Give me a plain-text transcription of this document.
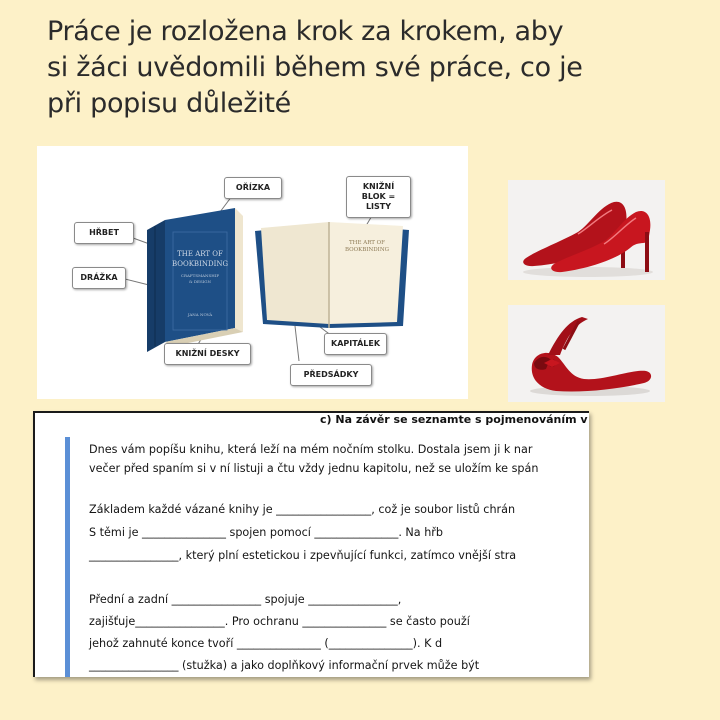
Práce je rozložena krok za krokem, aby
si žáci uvědomili během své práce, co je
při popisu důležité
THE ART OF
BOOKBINDING
CRAFTSMANSHIP
& DESIGN
JANA NOVÁ
THE ART OF
BOOKBINDING
HŘBET
OŘÍZKA
DRÁŽKA
KNIŽNÍ DESKY
KNIŽNÍ BLOK = LISTY
KAPITÁLEK
PŘEDSÁDKY
c) Na závěr se seznamte s pojmenováním v
Dnes vám popíšu knihu, která leží na mém nočním stolku. Dostala jsem ji k nar
večer před spaním si v ní listuji a čtu vždy jednu kapitolu, než se uložím ke spán
Základem každé vázané knihy je _________________, což je soubor listů chrán
S těmi je _______________ spojen pomocí _______________. Na hřb
________________, který plní estetickou i zpevňující funkci, zatímco vnější stra
Přední a zadní ________________ spojuje ________________,
zajišťuje________________. Pro ochranu _______________ se často použí
jehož zahnuté konce tvoří _______________ (_______________). K d
________________ (stužka) a jako doplňkový informační prvek může být
